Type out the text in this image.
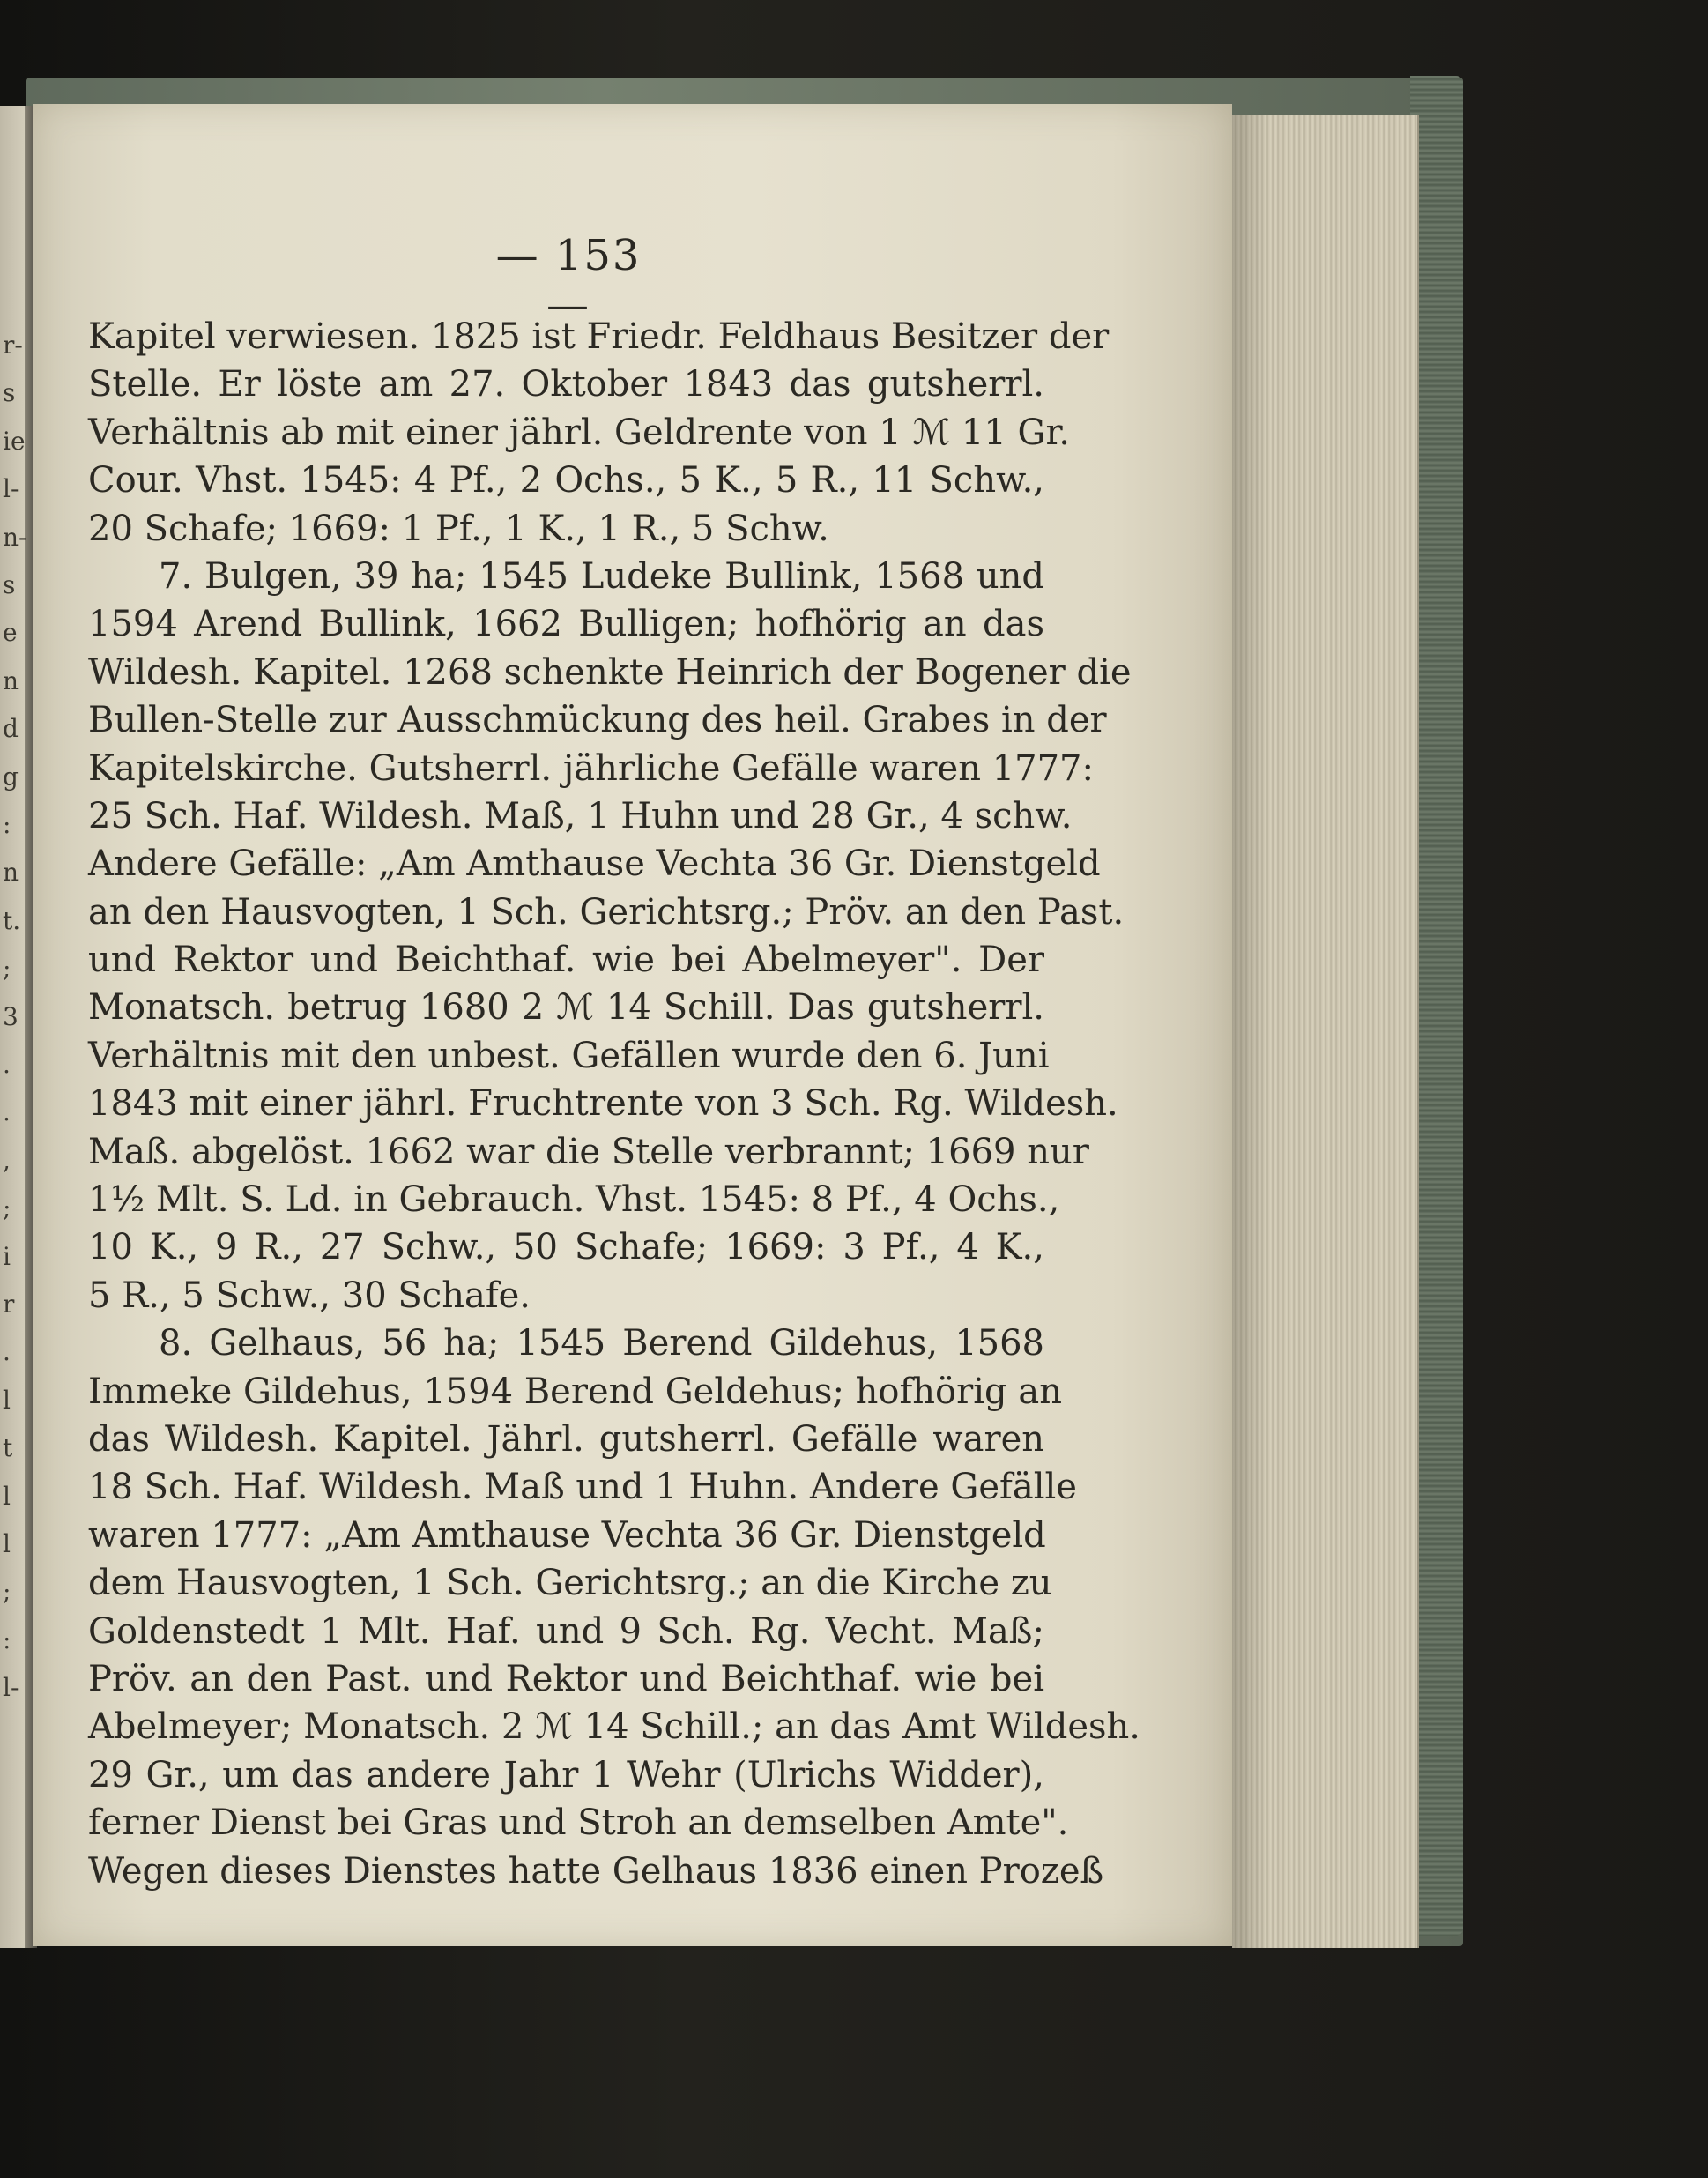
— 153 —
Kapitel verwiesen. 1825 ist Friedr. Feldhaus Besitzer der
Stelle. Er löste am 27. Oktober 1843 das gutsherrl.
Verhältnis ab mit einer jährl. Geldrente von 1 ℳ 11 Gr.
Cour. Vhst. 1545: 4 Pf., 2 Ochs., 5 K., 5 R., 11 Schw.,
20 Schafe; 1669: 1 Pf., 1 K., 1 R., 5 Schw.
7. Bulgen, 39 ha; 1545 Ludeke Bullink, 1568 und
1594 Arend Bullink, 1662 Bulligen; hofhörig an das
Wildesh. Kapitel. 1268 schenkte Heinrich der Bogener die
Bullen-Stelle zur Ausschmückung des heil. Grabes in der
Kapitelskirche. Gutsherrl. jährliche Gefälle waren 1777:
25 Sch. Haf. Wildesh. Maß, 1 Huhn und 28 Gr., 4 schw.
Andere Gefälle: „Am Amthause Vechta 36 Gr. Dienstgeld
an den Hausvogten, 1 Sch. Gerichtsrg.; Pröv. an den Past.
und Rektor und Beichthaf. wie bei Abelmeyer". Der
Monatsch. betrug 1680 2 ℳ 14 Schill. Das gutsherrl.
Verhältnis mit den unbest. Gefällen wurde den 6. Juni
1843 mit einer jährl. Fruchtrente von 3 Sch. Rg. Wildesh.
Maß. abgelöst. 1662 war die Stelle verbrannt; 1669 nur
1½ Mlt. S. Ld. in Gebrauch. Vhst. 1545: 8 Pf., 4 Ochs.,
10 K., 9 R., 27 Schw., 50 Schafe; 1669: 3 Pf., 4 K.,
5 R., 5 Schw., 30 Schafe.
8. Gelhaus, 56 ha; 1545 Berend Gildehus, 1568
Immeke Gildehus, 1594 Berend Geldehus; hofhörig an
das Wildesh. Kapitel. Jährl. gutsherrl. Gefälle waren
18 Sch. Haf. Wildesh. Maß und 1 Huhn. Andere Gefälle
waren 1777: „Am Amthause Vechta 36 Gr. Dienstgeld
dem Hausvogten, 1 Sch. Gerichtsrg.; an die Kirche zu
Goldenstedt 1 Mlt. Haf. und 9 Sch. Rg. Vecht. Maß;
Pröv. an den Past. und Rektor und Beichthaf. wie bei
Abelmeyer; Monatsch. 2 ℳ 14 Schill.; an das Amt Wildesh.
29 Gr., um das andere Jahr 1 Wehr (Ulrichs Widder),
ferner Dienst bei Gras und Stroh an demselben Amte".
Wegen dieses Dienstes hatte Gelhaus 1836 einen Prozeß
r-
s
ie
l-
n-
s
e
n
d
g
:
n
t.
;
3
.
.
,
;
i
r
.
l
t
l
l
;
:
l-
